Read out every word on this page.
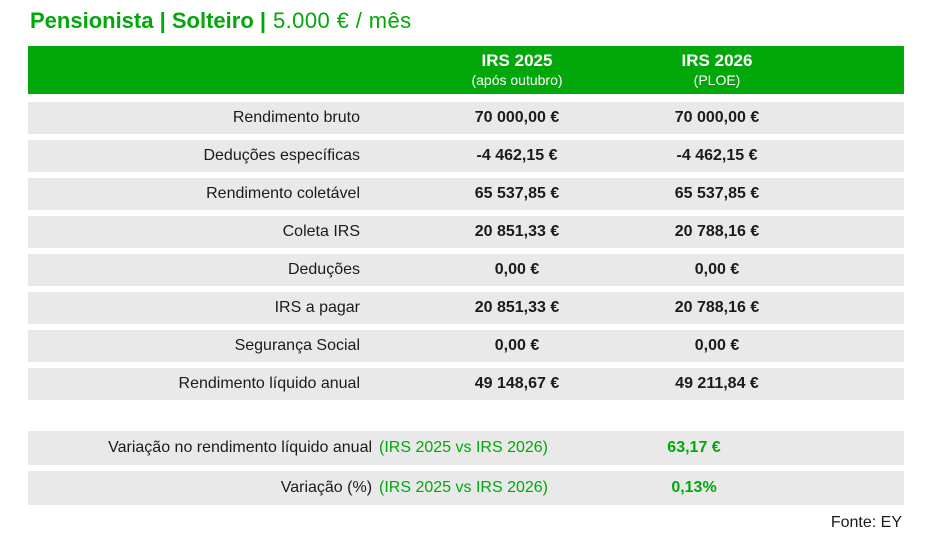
Pensionista | Solteiro | 5.000 € / mês
IRS 2025
(após outubro)
IRS 2026
(PLOE)
Rendimento bruto	70 000,00 €	70 000,00 €
Deduções específicas	-4 462,15 €	-4 462,15 €
Rendimento coletável	65 537,85 €	65 537,85 €
Coleta IRS	20 851,33 €	20 788,16 €
Deduções	0,00 €	0,00 €
IRS a pagar	20 851,33 €	20 788,16 €
Segurança Social	0,00 €	0,00 €
Rendimento líquido anual	49 148,67 €	49 211,84 €
Variação no rendimento líquido anual (IRS 2025 vs IRS 2026)	63,17 €
Variação (%) (IRS 2025 vs IRS 2026)	0,13%
Fonte: EY
